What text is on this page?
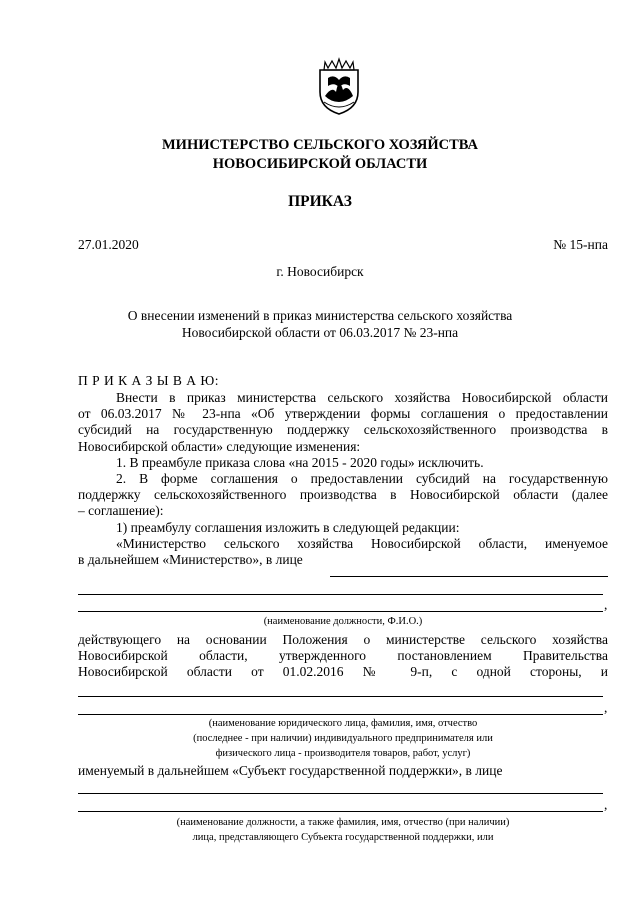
МИНИСТЕРСТВО СЕЛЬСКОГО ХОЗЯЙСТВА
НОВОСИБИРСКОЙ ОБЛАСТИ
ПРИКАЗ
27.01.2020	№ 15-нпа
г. Новосибирск
О внесении изменений в приказ министерства сельского хозяйства
Новосибирской области от 06.03.2017 № 23-нпа
П Р И К А З Ы В А Ю:
Внести в приказ министерства сельского хозяйства Новосибирской области
от 06.03.2017 № 23-нпа «Об утверждении формы соглашения о предоставлении
субсидий на государственную поддержку сельскохозяйственного производства в
Новосибирской области» следующие изменения:
1. В преамбуле приказа слова «на 2015 - 2020 годы» исключить.
2. В форме соглашения о предоставлении субсидий на государственную
поддержку сельскохозяйственного производства в Новосибирской области (далее
– соглашение):
1) преамбулу соглашения изложить в следующей редакции:
«Министерство сельского хозяйства Новосибирской области, именуемое
в дальнейшем «Министерство», в лице
,
(наименование должности, Ф.И.О.)
действующего на основании Положения о министерстве сельского хозяйства
Новосибирской области, утвержденного постановлением Правительства
Новосибирской области от 01.02.2016 № 9-п, с одной стороны, и
,
(наименование юридического лица, фамилия, имя, отчество
(последнее - при наличии) индивидуального предпринимателя или
физического лица - производителя товаров, работ, услуг)
именуемый в дальнейшем «Субъект государственной поддержки», в лице
,
(наименование должности, а также фамилия, имя, отчество (при наличии)
лица, представляющего Субъекта государственной поддержки, или
